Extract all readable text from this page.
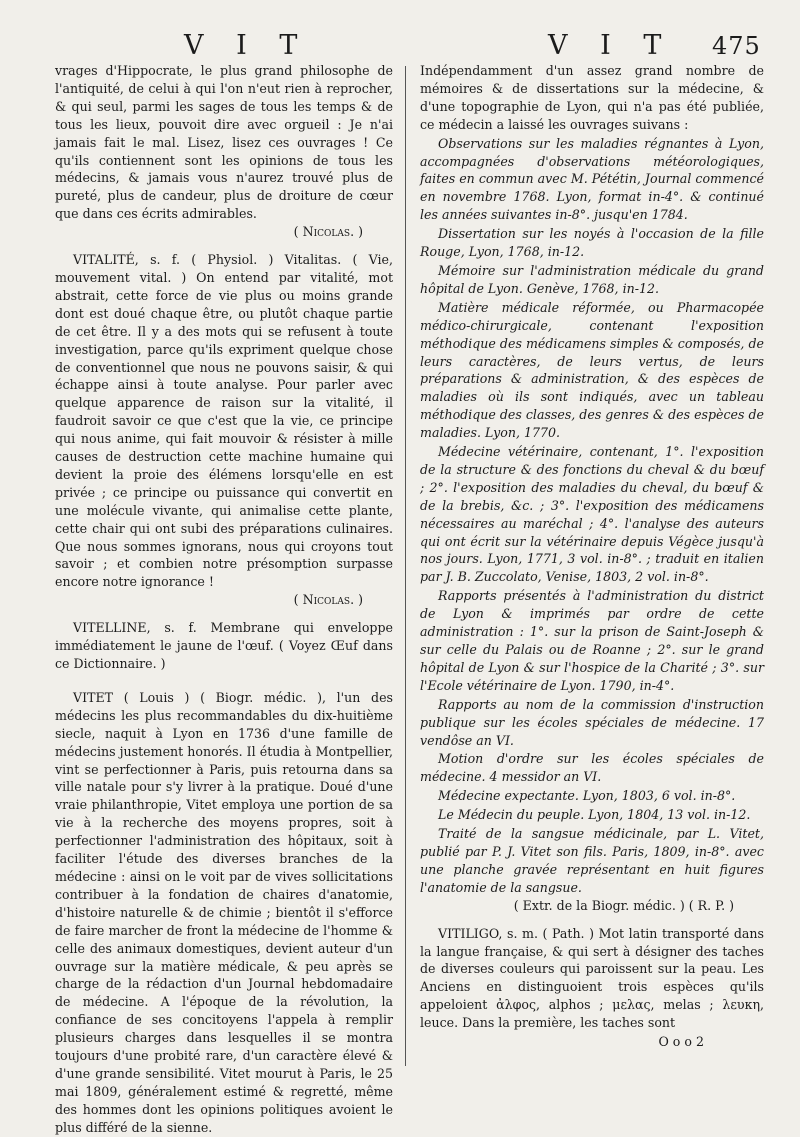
V I T	V I T 475

vrages d'Hippocrate, le plus grand philosophe de l'antiquité, de celui à qui l'on n'eut rien à reprocher, & qui seul, parmi les sages de tous les temps & de tous les lieux, pouvoit dire avec orgueil : Je n'ai jamais fait le mal. Lisez, lisez ces ouvrages ! Ce qu'ils contiennent sont les opinions de tous les médecins, & jamais vous n'aurez trouvé plus de pureté, plus de candeur, plus de droiture de cœur que dans ces écrits admirables.

( Nicolas. )

VITALITÉ, s. f. ( Physiol. ) Vitalitas. ( Vie, mouvement vital. ) On entend par vitalité, mot abstrait, cette force de vie plus ou moins grande dont est doué chaque être, ou plutôt chaque partie de cet être. Il y a des mots qui se refusent à toute investigation, parce qu'ils expriment quelque chose de conventionnel que nous ne pouvons saisir, & qui échappe ainsi à toute analyse. Pour parler avec quelque apparence de raison sur la vitalité, il faudroit savoir ce que c'est que la vie, ce principe qui nous anime, qui fait mouvoir & résister à mille causes de destruction cette machine humaine qui devient la proie des élémens lorsqu'elle en est privée ; ce principe ou puissance qui convertit en une molécule vivante, qui animalise cette plante, cette chair qui ont subi des préparations culinaires. Que nous sommes ignorans, nous qui croyons tout savoir ; et combien notre présomption surpasse encore notre ignorance !

( Nicolas. )

VITELLINE, s. f. Membrane qui enveloppe immédiatement le jaune de l'œuf. ( Voyez Œuf dans ce Dictionnaire. )

VITET ( Louis ) ( Biogr. médic. ), l'un des médecins les plus recommandables du dix-huitième siecle, naquit à Lyon en 1736 d'une famille de médecins justement honorés. Il étudia à Montpellier, vint se perfectionner à Paris, puis retourna dans sa ville natale pour s'y livrer à la pratique. Doué d'une vraie philanthropie, Vitet employa une portion de sa vie à la recherche des moyens propres, soit à perfectionner l'administration des hôpitaux, soit à faciliter l'étude des diverses branches de la médecine : ainsi on le voit par de vives sollicitations contribuer à la fondation de chaires d'anatomie, d'histoire naturelle & de chimie ; bientôt il s'efforce de faire marcher de front la médecine de l'homme & celle des animaux domestiques, devient auteur d'un ouvrage sur la matière médicale, & peu après se charge de la rédaction d'un Journal hebdomadaire de médecine. A l'époque de la révolution, la confiance de ses concitoyens l'appela à remplir plusieurs charges dans lesquelles il se montra toujours d'une probité rare, d'un caractère élevé & d'une grande sensibilité. Vitet mourut à Paris, le 25 mai 1809, généralement estimé & regretté, même des hommes dont les opinions politiques avoient le plus différé de la sienne.

Indépendamment d'un assez grand nombre de mémoires & de dissertations sur la médecine, & d'une topographie de Lyon, qui n'a pas été publiée, ce médecin a laissé les ouvrages suivans :

Observations sur les maladies régnantes à Lyon, accompagnées d'observations météorologiques, faites en commun avec M. Pététin, Journal commencé en novembre 1768. Lyon, format in-4°. & continué les années suivantes in-8°. jusqu'en 1784.

Dissertation sur les noyés à l'occasion de la fille Rouge, Lyon, 1768, in-12.

Mémoire sur l'administration médicale du grand hôpital de Lyon. Genève, 1768, in-12.

Matière médicale réformée, ou Pharmacopée médico-chirurgicale, contenant l'exposition méthodique des médicamens simples & composés, de leurs caractères, de leurs vertus, de leurs préparations & administration, & des espèces de maladies où ils sont indiqués, avec un tableau méthodique des classes, des genres & des espèces de maladies. Lyon, 1770.

Médecine vétérinaire, contenant, 1°. l'exposition de la structure & des fonctions du cheval & du bœuf ; 2°. l'exposition des maladies du cheval, du bœuf & de la brebis, &c. ; 3°. l'exposition des médicamens nécessaires au maréchal ; 4°. l'analyse des auteurs qui ont écrit sur la vétérinaire depuis Végèce jusqu'à nos jours. Lyon, 1771, 3 vol. in-8°. ; traduit en italien par J. B. Zuccolato, Venise, 1803, 2 vol. in-8°.

Rapports présentés à l'administration du district de Lyon & imprimés par ordre de cette administration : 1°. sur la prison de Saint-Joseph & sur celle du Palais ou de Roanne ; 2°. sur le grand hôpital de Lyon & sur l'hospice de la Charité ; 3°. sur l'Ecole vétérinaire de Lyon. 1790, in-4°.

Rapports au nom de la commission d'instruction publique sur les écoles spéciales de médecine. 17 vendôse an VI.

Motion d'ordre sur les écoles spéciales de médecine. 4 messidor an VI.

Médecine expectante. Lyon, 1803, 6 vol. in-8°.

Le Médecin du peuple. Lyon, 1804, 13 vol. in-12.

Traité de la sangsue médicinale, par L. Vitet, publié par P. J. Vitet son fils. Paris, 1809, in-8°. avec une planche gravée représentant en huit figures l'anatomie de la sangsue.

( Extr. de la Biogr. médic. ) ( R. P. )

VITILIGO, s. m. ( Path. ) Mot latin transporté dans la langue française, & qui sert à désigner des taches de diverses couleurs qui paroissent sur la peau. Les Anciens en distinguoient trois espèces qu'ils appeloient ἀλφος, alphos ; μελας, melas ; λευκη, leuce. Dans la première, les taches sont

O o o 2
